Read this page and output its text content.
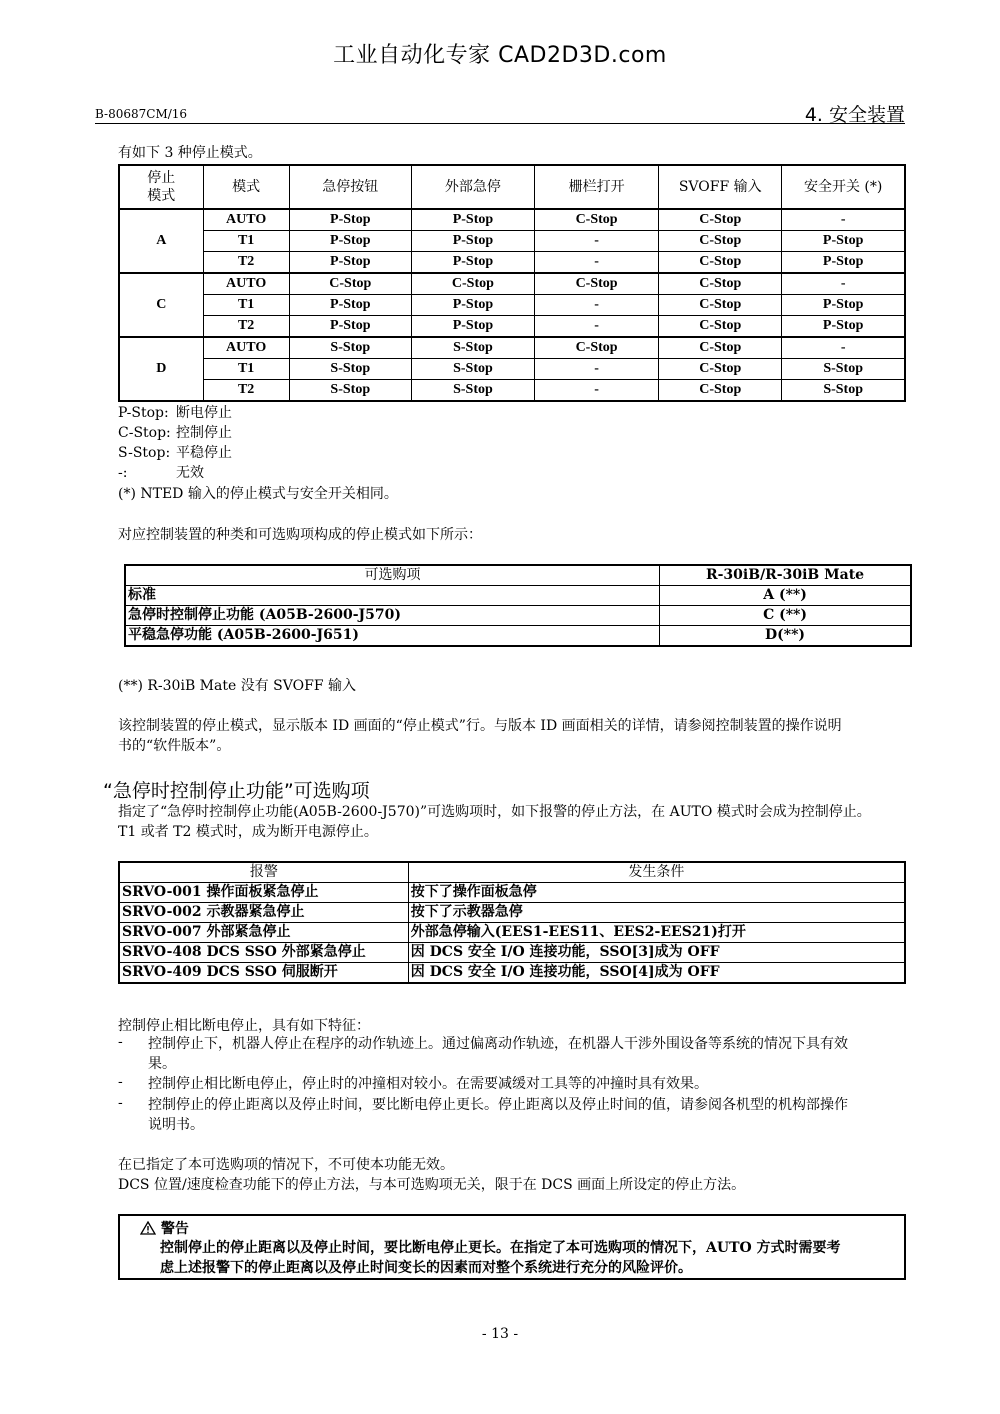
工业自动化专家 CAD2D3D.com
B-80687CM/16	4. 安全装置
有如下 3 种停止模式。
停止
模式	模式	急停按钮	外部急停	栅栏打开	SVOFF 输入	安全开关 (*)
A	AUTO	P-Stop	P-Stop	C-Stop	C-Stop	-
	T1	P-Stop	P-Stop	-	C-Stop	P-Stop
	T2	P-Stop	P-Stop	-	C-Stop	P-Stop
C	AUTO	C-Stop	C-Stop	C-Stop	C-Stop	-
	T1	P-Stop	P-Stop	-	C-Stop	P-Stop
	T2	P-Stop	P-Stop	-	C-Stop	P-Stop
D	AUTO	S-Stop	S-Stop	C-Stop	C-Stop	-
	T1	S-Stop	S-Stop	-	C-Stop	S-Stop
	T2	S-Stop	S-Stop	-	C-Stop	S-Stop
P-Stop: 断电停止
C-Stop: 控制停止
S-Stop: 平稳停止
-:	无效
(*) NTED 输入的停止模式与安全开关相同。
对应控制装置的种类和可选购项构成的停止模式如下所示：
可选购项	R-30iB/R-30iB Mate
标准	A (**)
急停时控制停止功能 (A05B-2600-J570)	C (**)
平稳急停功能 (A05B-2600-J651)	D(**)
(**) R-30iB Mate 没有 SVOFF 输入
该控制装置的停止模式，显示版本 ID 画面的“停止模式”行。与版本 ID 画面相关的详情，请参阅控制装置的操作说明
书的“软件版本”。
“急停时控制停止功能”可选购项
指定了“急停时控制停止功能(A05B-2600-J570)”可选购项时，如下报警的停止方法，在 AUTO 模式时会成为控制停止。
T1 或者 T2 模式时，成为断开电源停止。
报警	发生条件
SRVO-001 操作面板紧急停止	按下了操作面板急停
SRVO-002 示教器紧急停止	按下了示教器急停
SRVO-007 外部紧急停止	外部急停输入(EES1-EES11、EES2-EES21)打开
SRVO-408 DCS SSO 外部紧急停止	因 DCS 安全 I/O 连接功能，SSO[3]成为 OFF
SRVO-409 DCS SSO 伺服断开	因 DCS 安全 I/O 连接功能，SSO[4]成为 OFF
控制停止相比断电停止，具有如下特征：
- 控制停止下，机器人停止在程序的动作轨迹上。通过偏离动作轨迹，在机器人干涉外围设备等系统的情况下具有效
果。
- 控制停止相比断电停止，停止时的冲撞相对较小。在需要减缓对工具等的冲撞时具有效果。
- 控制停止的停止距离以及停止时间，要比断电停止更长。停止距离以及停止时间的值，请参阅各机型的机构部操作
说明书。
在已指定了本可选购项的情况下，不可使本功能无效。
DCS 位置/速度检查功能下的停止方法，与本可选购项无关，限于在 DCS 画面上所设定的停止方法。
警告
控制停止的停止距离以及停止时间，要比断电停止更长。在指定了本可选购项的情况下，AUTO 方式时需要考
虑上述报警下的停止距离以及停止时间变长的因素而对整个系统进行充分的风险评价。
- 13 -
